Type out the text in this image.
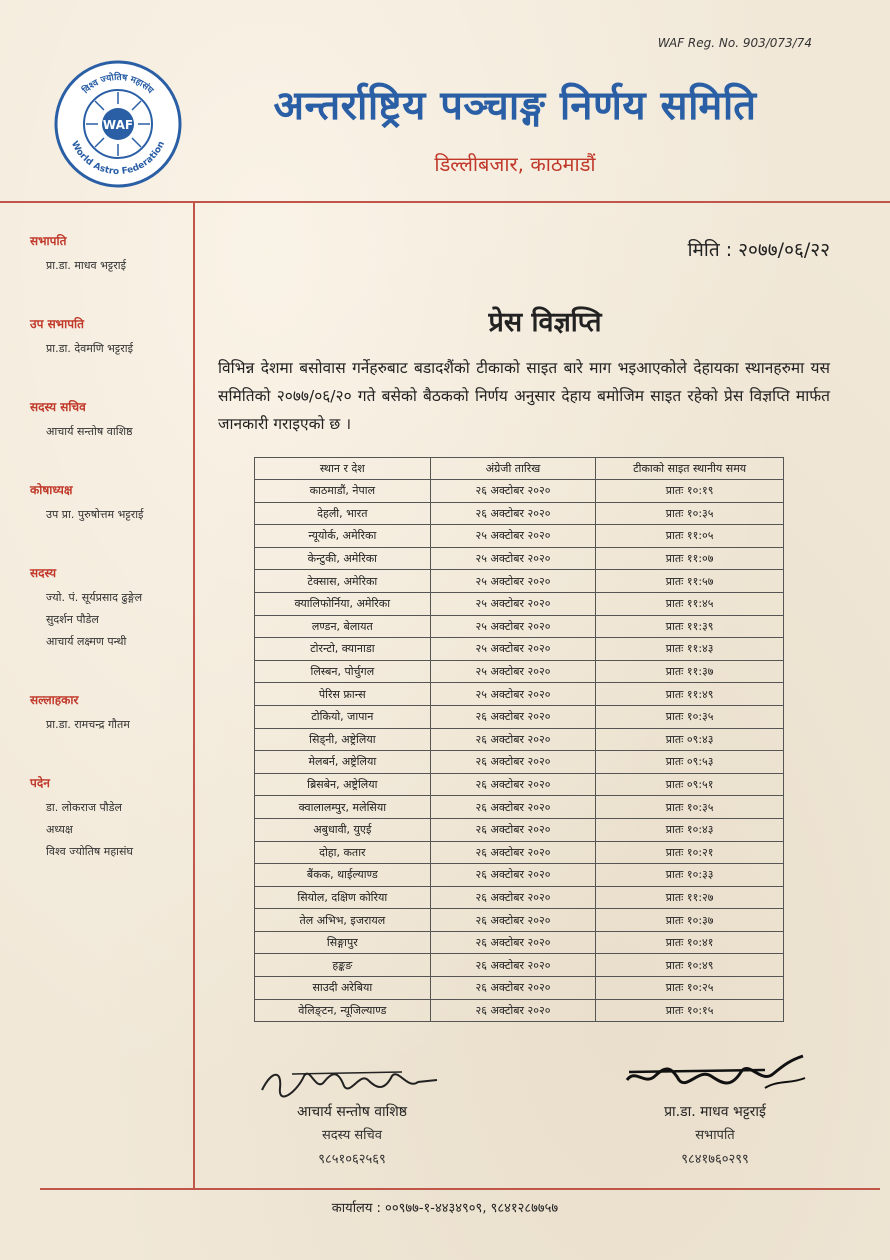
WAF Reg. No. 903/073/74
WAF
विश्व ज्योतिष महासंघ
World Astro Federation
अन्तर्राष्ट्रिय पञ्चाङ्ग निर्णय समिति
डिल्लीबजार, काठमाडौं
सभापति
प्रा.डा. माधव भट्टराई
उप सभापति
प्रा.डा. देवमणि भट्टराई
सदस्य सचिव
आचार्य सन्तोष वाशिष्ठ
कोषाध्यक्ष
उप प्रा. पुरुषोत्तम भट्टराई
सदस्य
ज्यो. पं. सूर्यप्रसाद ढुङ्गेल
सुदर्शन पौडेल
आचार्य लक्ष्मण पन्थी
सल्लाहकार
प्रा.डा. रामचन्द्र गौतम
पदेन
डा. लोकराज पौडेल
अध्यक्ष
विश्व ज्योतिष महासंघ
मिति : २०७७/०६/२२
प्रेस विज्ञप्ति
विभिन्न देशमा बसोवास गर्नेहरुबाट बडादशैंको टीकाको साइत बारे माग भइआएकोले देहायका स्थानहरुमा यस समितिको २०७७/०६/२० गते बसेको बैठकको निर्णय अनुसार देहाय बमोजिम साइत रहेको प्रेस विज्ञप्ति मार्फत जानकारी गराइएको छ ।
स्थान र देश	अंग्रेजी तारिख	टीकाको साइत स्थानीय समय
काठमाडौं, नेपाल	२६ अक्टोबर २०२०	प्रातः १०:१९
देहली, भारत	२६ अक्टोबर २०२०	प्रातः १०:३५
न्यूयोर्क, अमेरिका	२५ अक्टोबर २०२०	प्रातः ११:०५
केन्टुकी, अमेरिका	२५ अक्टोबर २०२०	प्रातः ११:०७
टेक्सास, अमेरिका	२५ अक्टोबर २०२०	प्रातः ११:५७
क्यालिफोर्निया, अमेरिका	२५ अक्टोबर २०२०	प्रातः ११:४५
लण्डन, बेलायत	२५ अक्टोबर २०२०	प्रातः ११:३९
टोरन्टो, क्यानाडा	२५ अक्टोबर २०२०	प्रातः ११:४३
लिस्बन, पोर्चुगल	२५ अक्टोबर २०२०	प्रातः ११:३७
पेरिस फ्रान्स	२५ अक्टोबर २०२०	प्रातः ११:४९
टोकियो, जापान	२६ अक्टोबर २०२०	प्रातः १०:३५
सिड्नी, अष्ट्रेलिया	२६ अक्टोबर २०२०	प्रातः ०९:४३
मेलबर्न, अष्ट्रेलिया	२६ अक्टोबर २०२०	प्रातः ०९:५३
ब्रिसबेन, अष्ट्रेलिया	२६ अक्टोबर २०२०	प्रातः ०९:५१
क्वालालम्पुर, मलेसिया	२६ अक्टोबर २०२०	प्रातः १०:३५
अबुधावी, युएई	२६ अक्टोबर २०२०	प्रातः १०:४३
दोहा, कतार	२६ अक्टोबर २०२०	प्रातः १०:२१
बैंकक, थाईल्याण्ड	२६ अक्टोबर २०२०	प्रातः १०:३३
सियोल, दक्षिण कोरिया	२६ अक्टोबर २०२०	प्रातः ११:२७
तेल अभिभ, इजरायल	२६ अक्टोबर २०२०	प्रातः १०:३७
सिङ्गापुर	२६ अक्टोबर २०२०	प्रातः १०:४१
हङ्कङ	२६ अक्टोबर २०२०	प्रातः १०:४९
साउदी अरेबिया	२६ अक्टोबर २०२०	प्रातः १०:२५
वेलिङ्टन, न्यूजिल्याण्ड	२६ अक्टोबर २०२०	प्रातः १०:१५
आचार्य सन्तोष वाशिष्ठ
सदस्य सचिव
९८५१०६२५६९
प्रा.डा. माधव भट्टराई
सभापति
९८४१७६०२९९
कार्यालय : ००९७७-१-४४३४९०९, ९८४१२८७७५७
